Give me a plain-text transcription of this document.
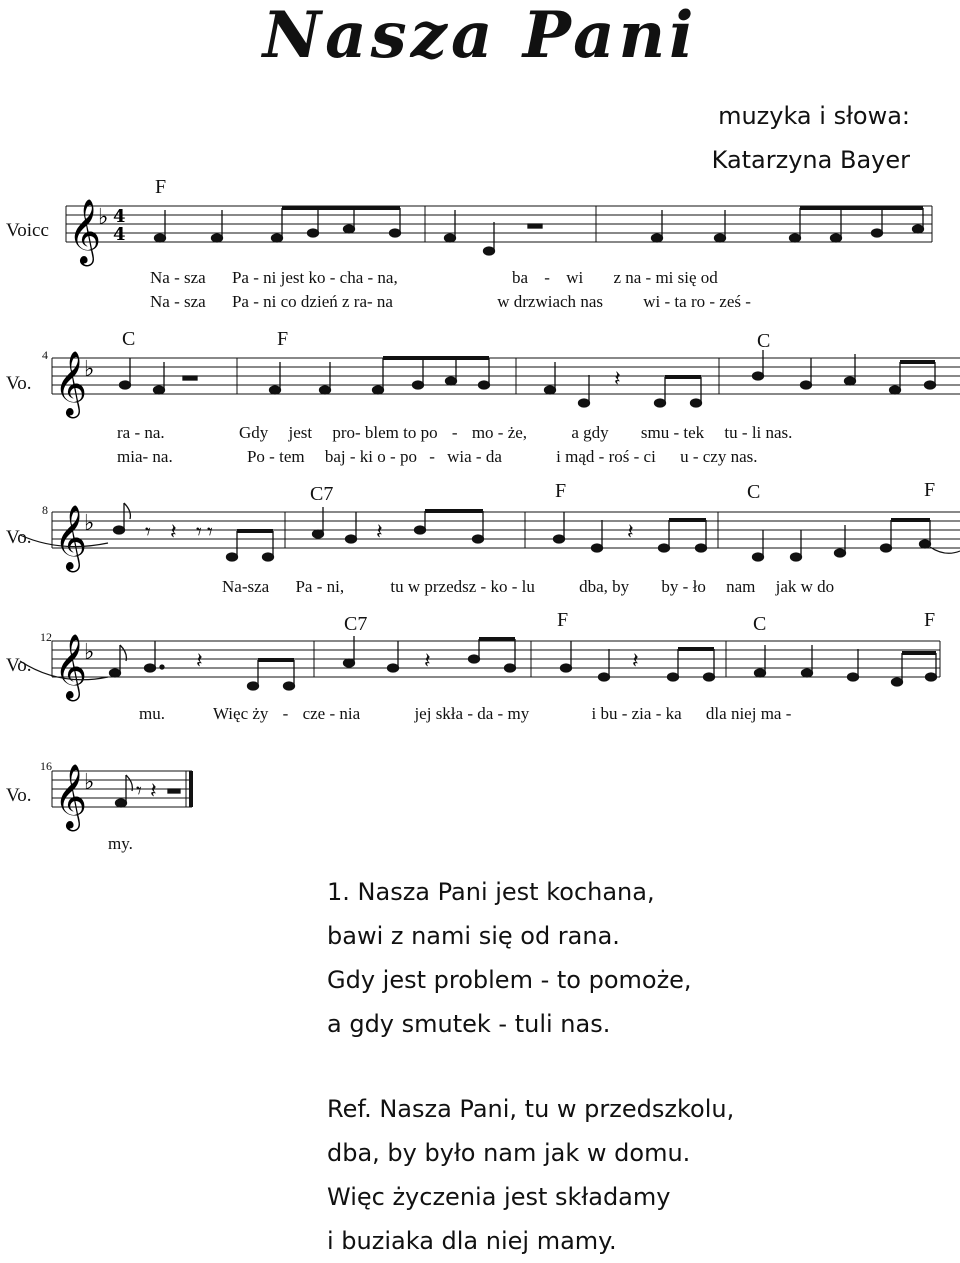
Nasza Pani
muzyka i słowa:
Katarzyna Bayer
Voicc
F
𝄞
♭ 4
4
Na - sza Pa - ni jest ko - cha - na,	ba - wi z na - mi się od
Na - sza Pa - ni co dzień z ra- na	w drzwiach nas wi - ta ro - ześ -
4
Vo.
C	F	C
𝄞
♭	𝄽
ra - na.	Gdy jest pro- blem to po - mo - że,	a gdy smu - tek tu - li nas.
mia- na.	Po - tem baj - ki o - po - wia - da	i mąd - roś - ci u - czy nas.
8
Vo.
C7	F	C	F
𝄞
♭ 𝄾 𝄽 𝄾 𝄾	𝄽	𝄽
Na-sza Pa - ni,	tu w przedsz - ko - lu	dba, by by - ło nam jak w do
12
Vo.
C7	F	C	F
𝄞
♭	𝄽	𝄽	𝄽
mu.	Więc ży - cze - nia	jej skła - da - my	i bu - zia - ka dla niej ma -
16
Vo. 𝄞
♭ 𝄾 𝄽
my.
1. Nasza Pani jest kochana,
bawi z nami się od rana.
Gdy jest problem - to pomoże,
a gdy smutek - tuli nas.
Ref. Nasza Pani, tu w przedszkolu,
dba, by było nam jak w domu.
Więc życzenia jest składamy
i buziaka dla niej mamy.
